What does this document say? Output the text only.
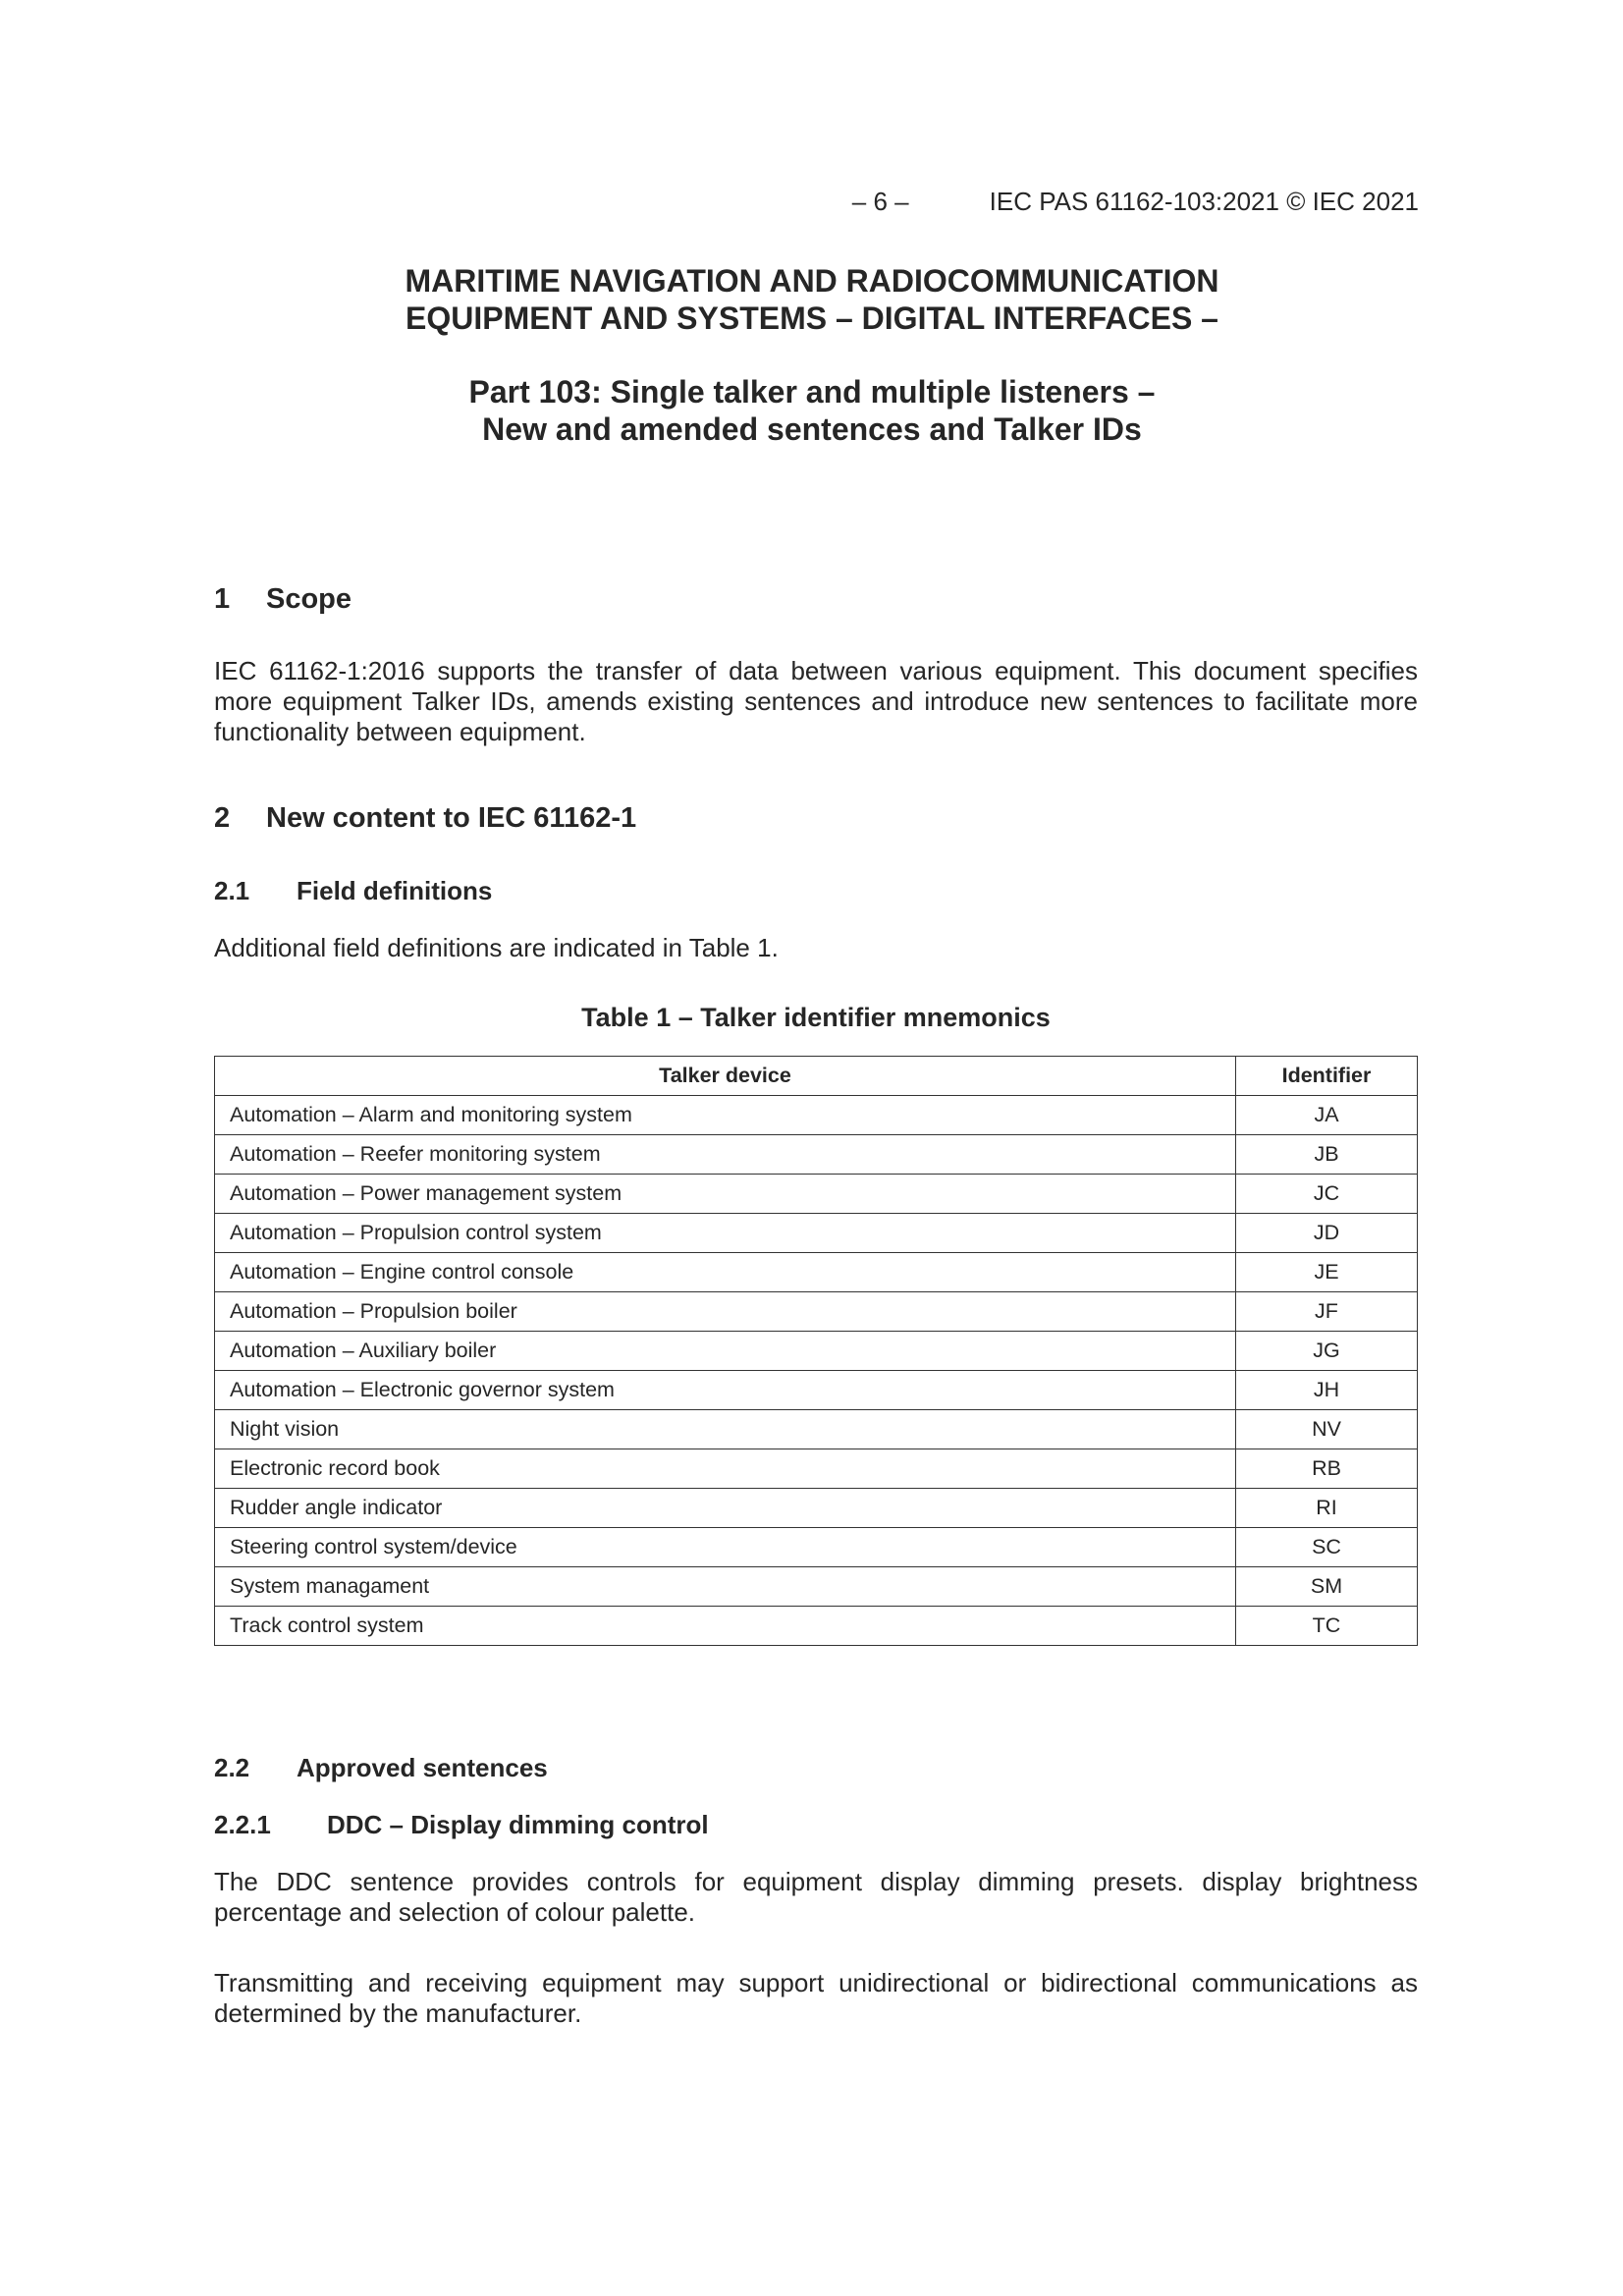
– 6 –	IEC PAS 61162-103:2021 © IEC 2021
MARITIME NAVIGATION AND RADIOCOMMUNICATION
EQUIPMENT AND SYSTEMS – DIGITAL INTERFACES –
Part 103: Single talker and multiple listeners –
New and amended sentences and Talker IDs
1 Scope
IEC 61162-1:2016 supports the transfer of data between various equipment. This document specifies more equipment Talker IDs, amends existing sentences and introduce new sentences to facilitate more functionality between equipment.
2 New content to IEC 61162-1
2.1 Field definitions
Additional field definitions are indicated in Table 1.
Table 1 – Talker identifier mnemonics
Talker device	Identifier
Automation – Alarm and monitoring system	JA
Automation – Reefer monitoring system	JB
Automation – Power management system	JC
Automation – Propulsion control system	JD
Automation – Engine control console	JE
Automation – Propulsion boiler	JF
Automation – Auxiliary boiler	JG
Automation – Electronic governor system	JH
Night vision	NV
Electronic record book	RB
Rudder angle indicator	RI
Steering control system/device	SC
System managament	SM
Track control system	TC
2.2 Approved sentences
2.2.1 DDC – Display dimming control
The DDC sentence provides controls for equipment display dimming presets. display brightness percentage and selection of colour palette.
Transmitting and receiving equipment may support unidirectional or bidirectional communications as determined by the manufacturer.
